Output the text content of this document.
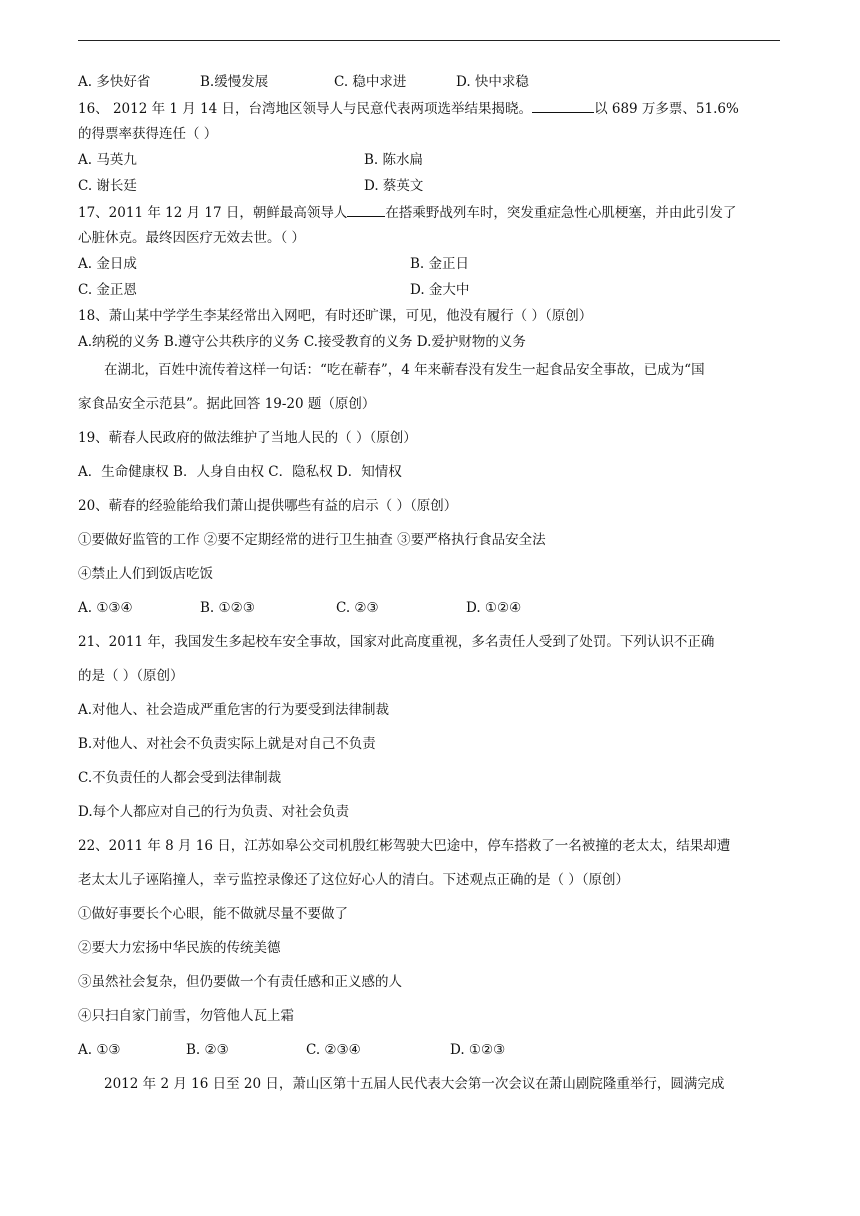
A. 多快好省	B.缓慢发展	C. 稳中求进	D. 快中求稳
16、 2012 年 1 月 14 日，台湾地区领导人与民意代表两项选举结果揭晓。	以 689 万多票、51.6%
的得票率获得连任（ ）
A. 马英九	B. 陈水扁
C. 谢长廷	D. 蔡英文
17、2011 年 12 月 17 日，朝鲜最高领导人	在搭乘野战列车时，突发重症急性心肌梗塞，并由此引发了
心脏休克。最终因医疗无效去世。（ ）
A. 金日成	B. 金正日
C. 金正恩	D. 金大中
18、萧山某中学学生李某经常出入网吧，有时还旷课，可见，他没有履行（ ）（原创）
A.纳税的义务 B.遵守公共秩序的义务 C.接受教育的义务 D.爱护财物的义务
在湖北，百姓中流传着这样一句话：“吃在蕲春”，4 年来蕲春没有发生一起食品安全事故，已成为“国
家食品安全示范县”。据此回答 19-20 题（原创）
19、蕲春人民政府的做法维护了当地人民的（ ）（原创）
A．生命健康权 B．人身自由权 C．隐私权 D．知情权
20、蕲春的经验能给我们萧山提供哪些有益的启示（ ）（原创）
①要做好监管的工作 ②要不定期经常的进行卫生抽查 ③要严格执行食品安全法
④禁止人们到饭店吃饭
A. ①③④	B. ①②③	C. ②③	D. ①②④
21、2011 年，我国发生多起校车安全事故，国家对此高度重视，多名责任人受到了处罚。下列认识不正确
的是（ ）（原创）
A.对他人、社会造成严重危害的行为要受到法律制裁
B.对他人、对社会不负责实际上就是对自己不负责
C.不负责任的人都会受到法律制裁
D.每个人都应对自己的行为负责、对社会负责
22、2011 年 8 月 16 日，江苏如皋公交司机殷红彬驾驶大巴途中，停车搭救了一名被撞的老太太，结果却遭
老太太儿子诬陷撞人，幸亏监控录像还了这位好心人的清白。下述观点正确的是（ ）（原创）
①做好事要长个心眼，能不做就尽量不要做了
②要大力宏扬中华民族的传统美德
③虽然社会复杂，但仍要做一个有责任感和正义感的人
④只扫自家门前雪，勿管他人瓦上霜
A. ①③	B. ②③	C. ②③④	D. ①②③
2012 年 2 月 16 日至 20 日，萧山区第十五届人民代表大会第一次会议在萧山剧院隆重举行，圆满完成
